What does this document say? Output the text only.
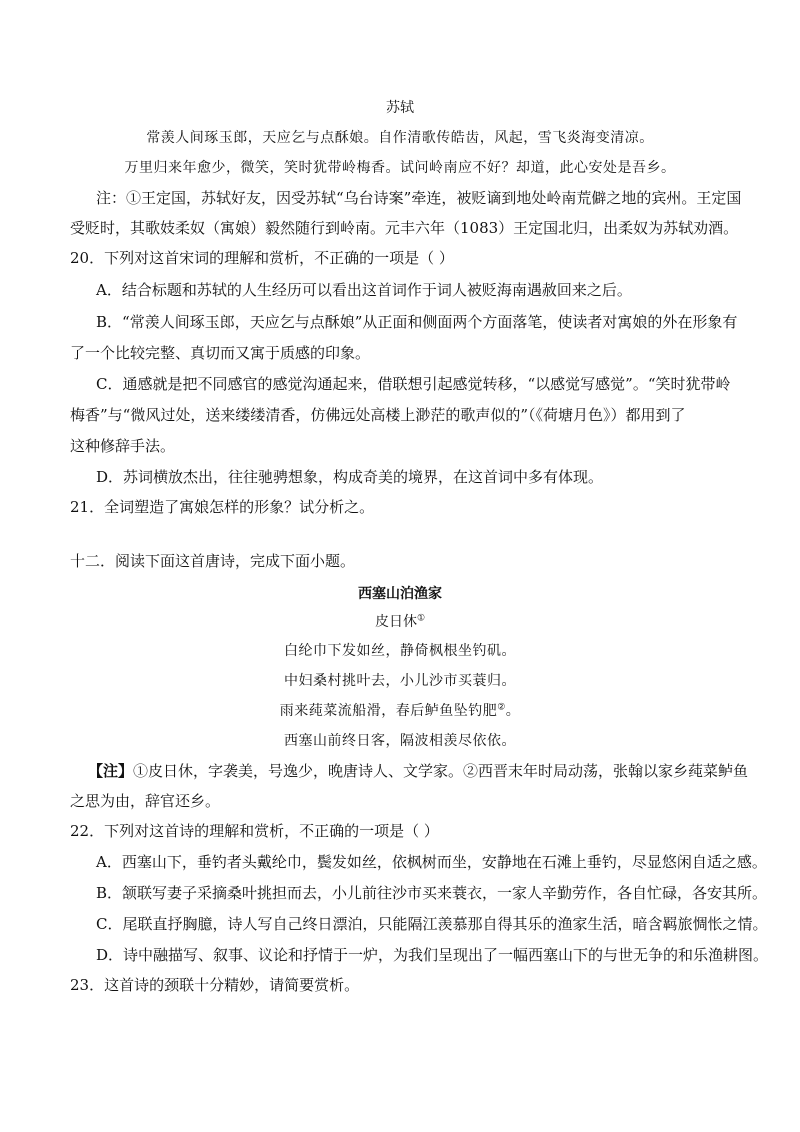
苏轼
常羡人间琢玉郎，天应乞与点酥娘。自作清歌传皓齿，风起，雪飞炎海变清凉。
万里归来年愈少，微笑，笑时犹带岭梅香。试问岭南应不好？却道，此心安处是吾乡。
注：①王定国，苏轼好友，因受苏轼“乌台诗案”牵连，被贬谪到地处岭南荒僻之地的宾州。王定国
受贬时，其歌妓柔奴（寓娘）毅然随行到岭南。元丰六年（1083）王定国北归，出柔奴为苏轼劝酒。
20．下列对这首宋词的理解和赏析，不正确的一项是（ ）
A．结合标题和苏轼的人生经历可以看出这首词作于词人被贬海南遇赦回来之后。
B．“常羡人间琢玉郎，天应乞与点酥娘”从正面和侧面两个方面落笔，使读者对寓娘的外在形象有
了一个比较完整、真切而又寓于质感的印象。
C．通感就是把不同感官的感觉沟通起来，借联想引起感觉转移，“以感觉写感觉”。“笑时犹带岭
梅香”与“微风过处，送来缕缕清香，仿佛远处高楼上渺茫的歌声似的”（《荷塘月色》）都用到了
这种修辞手法。
D．苏词横放杰出，往往驰骋想象，构成奇美的境界，在这首词中多有体现。
21．全词塑造了寓娘怎样的形象？试分析之。
十二．阅读下面这首唐诗，完成下面小题。
西塞山泊渔家
皮日休①
白纶巾下发如丝，静倚枫根坐钓矶。
中妇桑村挑叶去，小儿沙市买蓑归。
雨来莼菜流船滑，春后鲈鱼坠钓肥②。
西塞山前终日客，隔波相羡尽依依。
【注】①皮日休，字袭美，号逸少，晚唐诗人、文学家。②西晋末年时局动荡，张翰以家乡莼菜鲈鱼
之思为由，辞官还乡。
22．下列对这首诗的理解和赏析，不正确的一项是（ ）
A．西塞山下，垂钓者头戴纶巾，鬓发如丝，依枫树而坐，安静地在石滩上垂钓，尽显悠闲自适之感。
B．颔联写妻子采摘桑叶挑担而去，小儿前往沙市买来蓑衣，一家人辛勤劳作，各自忙碌，各安其所。
C．尾联直抒胸臆，诗人写自己终日漂泊，只能隔江羡慕那自得其乐的渔家生活，暗含羁旅惆怅之情。
D．诗中融描写、叙事、议论和抒情于一炉，为我们呈现出了一幅西塞山下的与世无争的和乐渔耕图。
23．这首诗的颈联十分精妙，请简要赏析。
